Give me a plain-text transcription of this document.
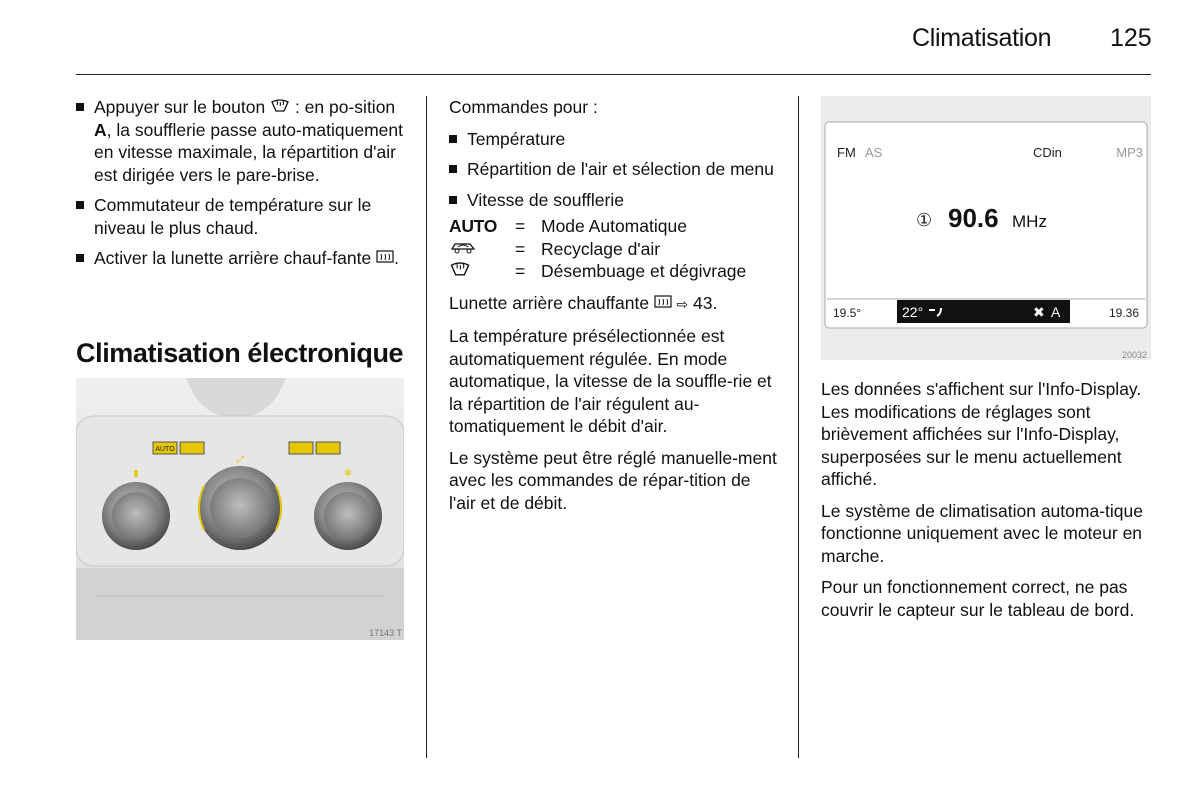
Climatisation 125
Appuyer sur le bouton  : en po-sition A, la soufflerie passe auto-matiquement en vitesse maximale, la répartition d'air est dirigée vers le pare-brise.
Commutateur de température sur le niveau le plus chaud.
Activer la lunette arrière chauf-fante .
Climatisation électronique
AUTO
⤢
▮	✻
17143 T

Commandes pour :

Température
Répartition de l'air et sélection de menu
Vitesse de soufflerie
AUTO	= Mode Automatique
= Recyclage d'air
= Désembuage et dégivrage

Lunette arrière chauffante  ⇨ 43.

La température présélectionnée est automatiquement régulée. En mode automatique, la vitesse de la souffle-rie et la répartition de l'air régulent au-tomatiquement le débit d'air.

Le système peut être réglé manuelle-ment avec les commandes de répar-tition de l'air et de débit.

FM AS	CDin	MP3
① 90.6 MHz
19.5°	22°	✖ A	19.36
20032

Les données s'affichent sur l'Info-Display. Les modifications de réglages sont brièvement affichées sur l'Info-Display, superposées sur le menu actuellement affiché.

Le système de climatisation automa-tique fonctionne uniquement avec le moteur en marche.

Pour un fonctionnement correct, ne pas couvrir le capteur sur le tableau de bord.
